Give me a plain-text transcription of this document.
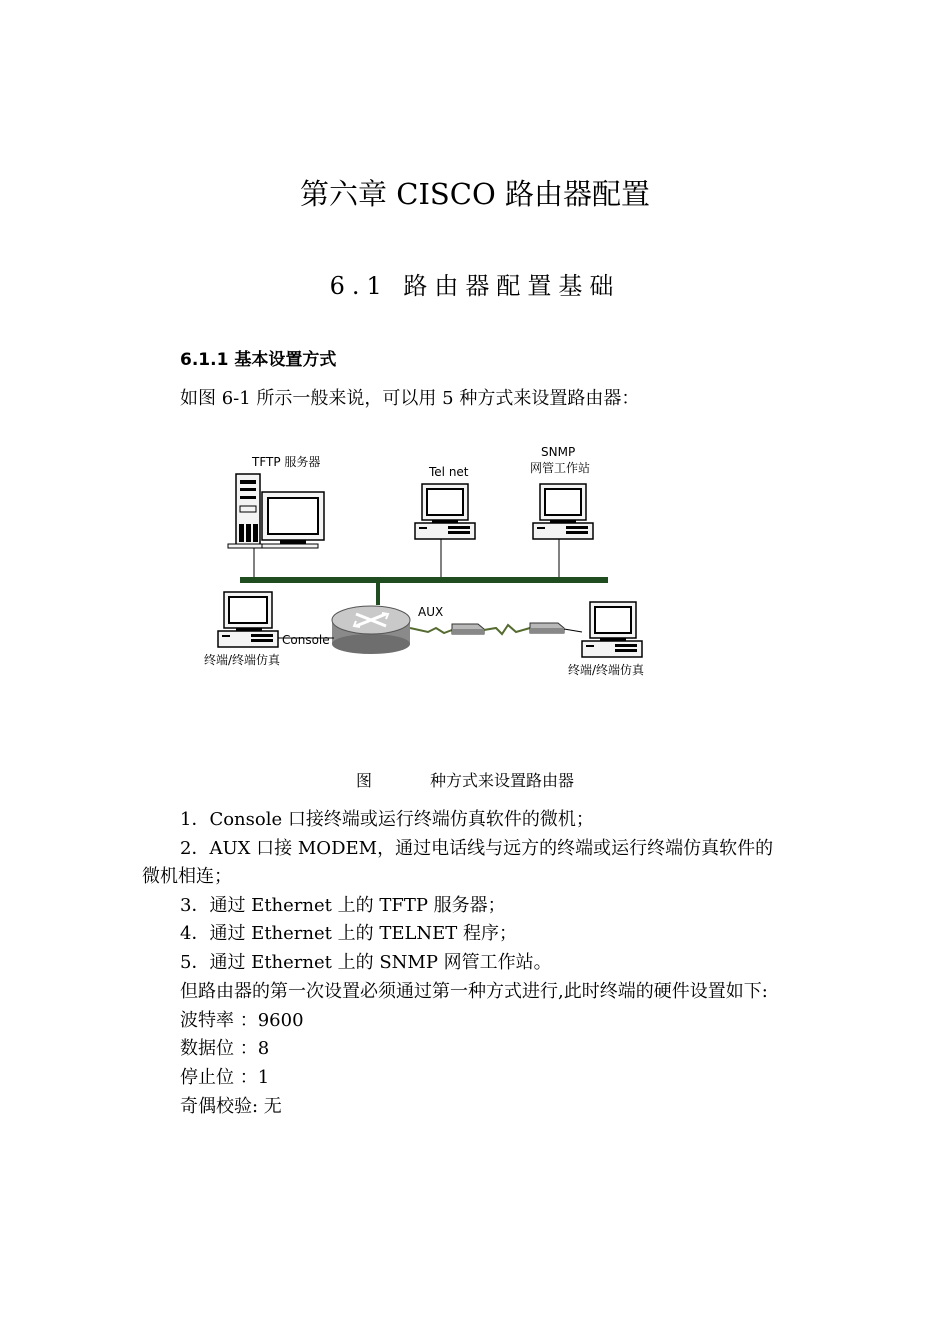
第六章 CISCO 路由器配置
6.1 路由器配置基础
6.1.1 基本设置方式
如图 6-1 所示一般来说，可以用 5 种方式来设置路由器：
TFTP 服务器
Tel net
SNMP
网管工作站
AUX
Console
终端/终端仿真
终端/终端仿真
图	种方式来设置路由器
1．Console 口接终端或运行终端仿真软件的微机；
2．AUX 口接 MODEM，通过电话线与远方的终端或运行终端仿真软件的
微机相连；
3．通过 Ethernet 上的 TFTP 服务器；
4．通过 Ethernet 上的 TELNET 程序；
5．通过 Ethernet 上的 SNMP 网管工作站。
但路由器的第一次设置必须通过第一种方式进行,此时终端的硬件设置如下:
波特率 ：9600
数据位 ：8
停止位 ：1
奇偶校验: 无
